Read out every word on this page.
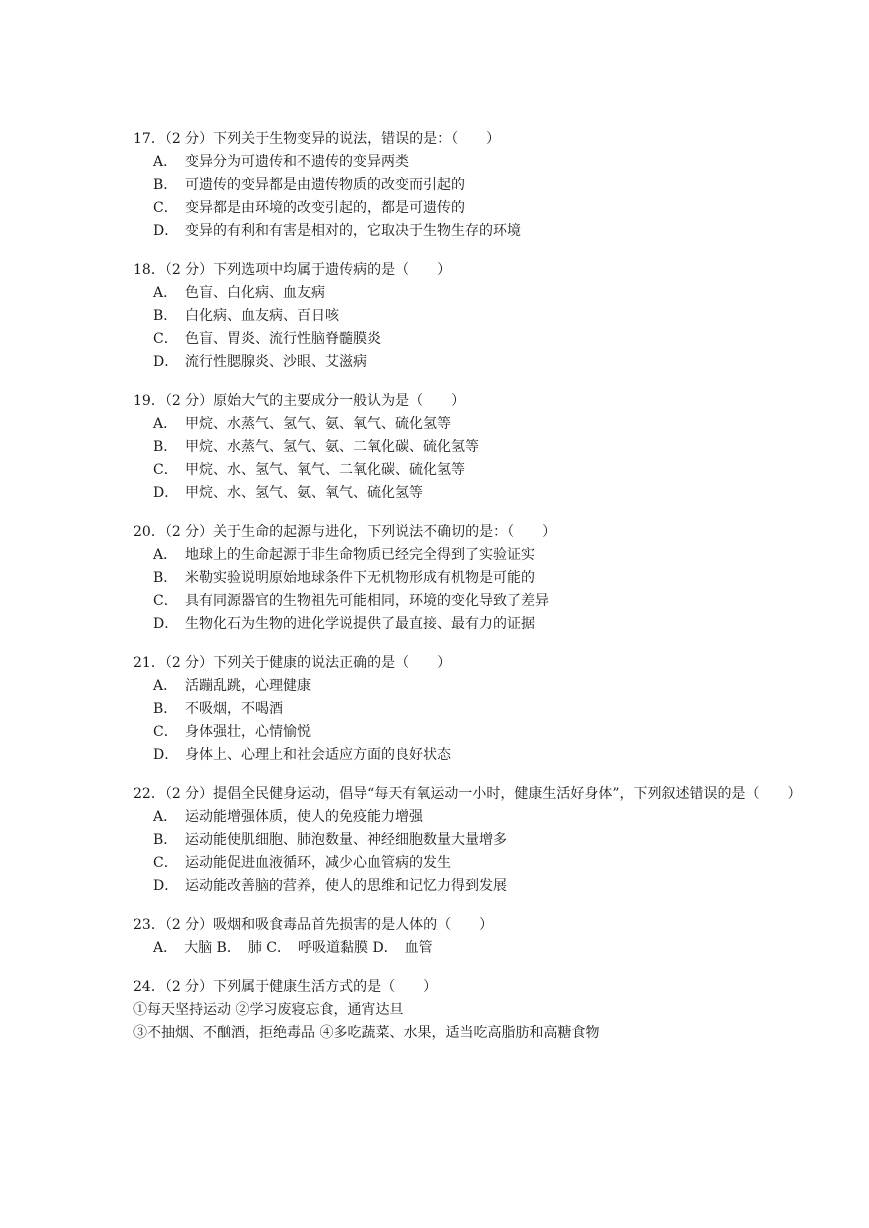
17．（2 分）下列关于生物变异的说法，错误的是：（　　）
A． 变异分为可遗传和不遗传的变异两类
B． 可遗传的变异都是由遗传物质的改变而引起的
C． 变异都是由环境的改变引起的，都是可遗传的
D． 变异的有利和有害是相对的，它取决于生物生存的环境
18．（2 分）下列选项中均属于遗传病的是（　　）
A． 色盲、白化病、血友病
B． 白化病、血友病、百日咳
C． 色盲、胃炎、流行性脑脊髓膜炎
D． 流行性腮腺炎、沙眼、艾滋病
19．（2 分）原始大气的主要成分一般认为是（　　）
A． 甲烷、水蒸气、氢气、氨、氧气、硫化氢等
B． 甲烷、水蒸气、氢气、氨、二氧化碳、硫化氢等
C． 甲烷、水、氢气、氧气、二氧化碳、硫化氢等
D． 甲烷、水、氢气、氨、氧气、硫化氢等
20．（2 分）关于生命的起源与进化，下列说法不确切的是：（　　）
A． 地球上的生命起源于非生命物质已经完全得到了实验证实
B． 米勒实验说明原始地球条件下无机物形成有机物是可能的
C． 具有同源器官的生物祖先可能相同，环境的变化导致了差异
D． 生物化石为生物的进化学说提供了最直接、最有力的证据
21．（2 分）下列关于健康的说法正确的是（　　）
A． 活蹦乱跳，心理健康
B． 不吸烟，不喝酒
C． 身体强壮，心情愉悦
D． 身体上、心理上和社会适应方面的良好状态
22．（2 分）提倡全民健身运动，倡导“每天有氧运动一小时，健康生活好身体”，下列叙述错误的是（　　）
A． 运动能增强体质，使人的免疫能力增强
B． 运动能使肌细胞、肺泡数量、神经细胞数量大量增多
C． 运动能促进血液循环，减少心血管病的发生
D． 运动能改善脑的营养，使人的思维和记忆力得到发展
23．（2 分）吸烟和吸食毒品首先损害的是人体的（　　）
A．　大脑 B．　肺 C．　呼吸道黏膜 D．　血管
24．（2 分）下列属于健康生活方式的是（　　）
①每天坚持运动 ②学习废寝忘食，通宵达旦
③不抽烟、不酗酒，拒绝毒品 ④多吃蔬菜、水果，适当吃高脂肪和高糖食物
